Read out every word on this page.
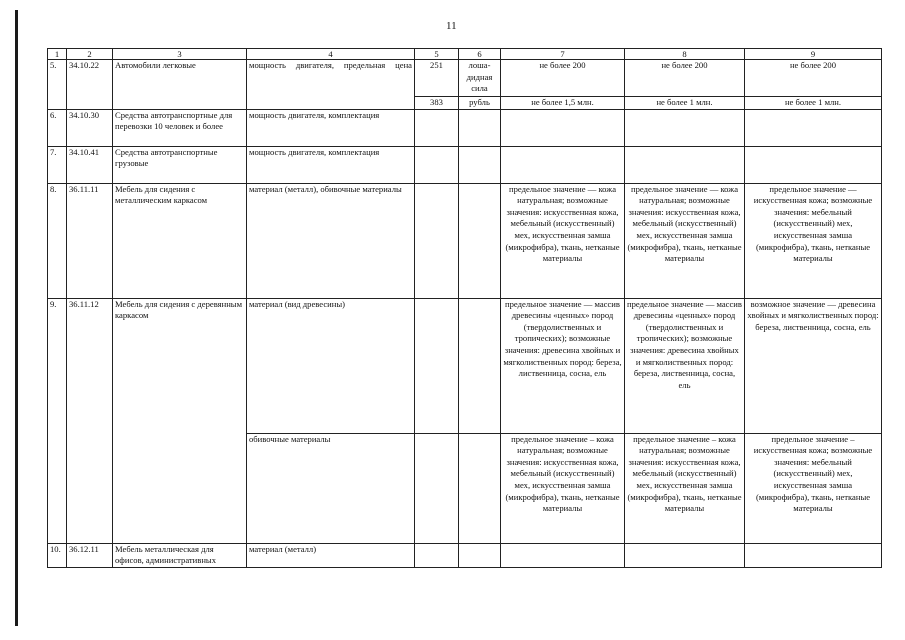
11
1	2	3	4	5	6	7	8	9
5.	34.10.22	Автомобили легковые	мощность двигателя, предельная цена	251	лоша-дидная сила	не более 200	не более 200	не более 200
				383	рубль	не более 1,5 млн.	не более 1 млн.	не более 1 млн.
6.	34.10.30	Средства автотранспортные для перевозки 10 человек и более	мощность двигателя, комплектация					
7.	34.10.41	Средства автотранспортные грузовые	мощность двигателя, комплектация					
8.	36.11.11	Мебель для сидения с металлическим каркасом	материал (металл), обивочные материалы			предельное значение — кожа натуральная; возможные значения: искусственная кожа, мебельный (искусственный) мех, искусственная замша (микрофибра), ткань, нетканые материалы	предельное значение — кожа натуральная; возможные значения: искусственная кожа, мебельный (искусственный) мех, искусственная замша (микрофибра), ткань, нетканые материалы	предельное значение — искусственная кожа; возможные значения: мебельный (искусственный) мех, искусственная замша (микрофибра), ткань, нетканые материалы
9.	36.11.12	Мебель для сидения с деревянным каркасом	материал (вид древесины)			предельное значение — массив древесины «ценных» пород (твердолиственных и тропических); возможные значения: древесина хвойных и мягколиственных пород: береза, лиственница, сосна, ель	предельное значение — массив древесины «ценных» пород (твердолиственных и тропических); возможные значения: древесина хвойных и мягколиственных пород: береза, лиственница, сосна, ель	возможное значение — древесина хвойных и мягколиственных пород: береза, лиственница, сосна, ель
			обивочные материалы			предельное значение – кожа натуральная; возможные значения: искусственная кожа, мебельный (искусственный) мех, искусственная замша (микрофибра), ткань, нетканые материалы	предельное значение – кожа натуральная; возможные значения: искусственная кожа, мебельный (искусственный) мех, искусственная замша (микрофибра), ткань, нетканые материалы	предельное значение – искусственная кожа; возможные значения: мебельный (искусственный) мех, искусственная замша (микрофибра), ткань, нетканые материалы
10.	36.12.11	Мебель металлическая для офисов, административных	материал (металл)					
